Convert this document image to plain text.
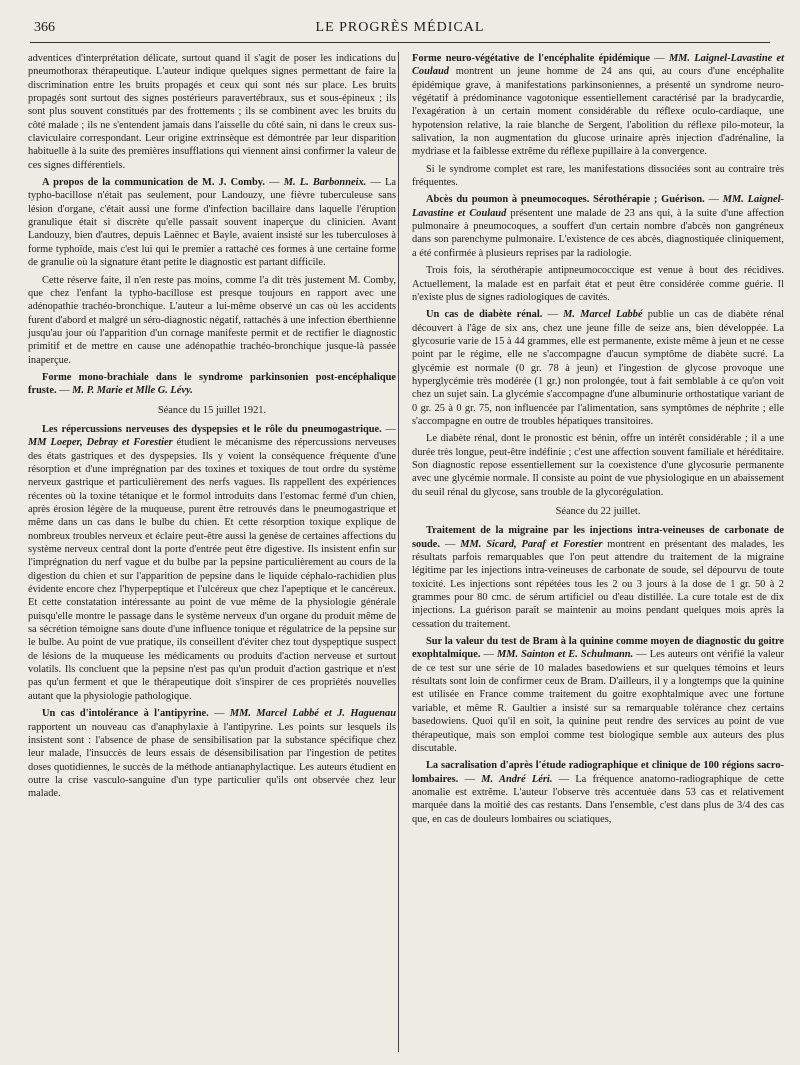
366	LE PROGRÈS MÉDICAL

adventices d'interprétation délicate, surtout quand il s'agit de poser les indications du pneumothorax thérapeutique. L'auteur indique quelques signes permettant de faire la discrimination entre les bruits propagés et ceux qui sont nés sur place. Les bruits propagés sont surtout des signes postérieurs paravertébraux, sus et sous-épineux ; ils sont plus souvent constitués par des frottements ; ils se combinent avec les bruits du côté malade ; ils ne s'entendent jamais dans l'aisselle du côté sain, ni dans le creux sus-claviculaire correspondant. Leur origine extrinsèque est démontrée par leur disparition habituelle à la suite des premières insufflations qui viennent ainsi confirmer la valeur de ces signes différentiels.

A propos de la communication de M. J. Comby. — M. L. Barbonneix. — La typho-bacillose n'était pas seulement, pour Landouzy, une fièvre tuberculeuse sans lésion d'organe, c'était aussi une forme d'infection bacillaire dans laquelle l'éruption granulique était si discrète qu'elle passait souvent inaperçue du clinicien. Avant Landouzy, bien d'autres, depuis Laënnec et Bayle, avaient insisté sur les tuberculoses à forme typhoïde, mais c'est lui qui le premier a rattaché ces formes à une certaine forme de granulie où la signature étant petite le diagnostic est partant difficile.

Cette réserve faite, il n'en reste pas moins, comme l'a dit très justement M. Comby, que chez l'enfant la typho-bacillose est presque toujours en rapport avec une adénopathie trachéo-bronchique. L'auteur a lui-même observé un cas où les accidents furent d'abord et malgré un séro-diagnostic négatif, rattachés à une infection éberthienne jusqu'au jour où l'apparition d'un cornage manifeste permit et de rectifier le diagnostic primitif et de mettre en cause une adénopathie trachéo-bronchique jusque-là passée inaperçue.

Forme mono-brachiale dans le syndrome parkinsonien post-encéphalique fruste. — M. P. Marie et Mlle G. Lévy.

Séance du 15 juillet 1921.

Les répercussions nerveuses des dyspepsies et le rôle du pneumogastrique. — MM Loeper, Debray et Forestier étudient le mécanisme des répercussions nerveuses des états gastriques et des dyspepsies. Ils y voient la conséquence fréquente d'une résorption et d'une imprégnation par des toxines et toxiques de tout ordre du système nerveux gastrique et particulièrement des nerfs vagues. Ils rappellent des expériences récentes où la toxine tétanique et le formol introduits dans l'estomac fermé d'un chien, après érosion légère de la muqueuse, purent être retrouvés dans le pneumogastrique et même dans un cas dans le bulbe du chien. Et cette résorption toxique explique de nombreux troubles nerveux et éclaire peut-être aussi la genèse de certaines affections du système nerveux central dont la porte d'entrée peut être digestive. Ils insistent enfin sur l'imprégnation du nerf vague et du bulbe par la pepsine particulièrement au cours de la digestion du chien et sur l'apparition de pepsine dans le liquide céphalo-rachidien plus évidente encore chez l'hyperpeptique et l'ulcéreux que chez l'apeptique et le cancéreux. Et cette constatation intéressante au point de vue même de la physiologie générale puisqu'elle montre le passage dans le système nerveux d'un organe du produit même de sa sécrétion témoigne sans doute d'une influence tonique et régulatrice de la pepsine sur le bulbe. Au point de vue pratique, ils conseillent d'éviter chez tout dyspeptique suspect de lésions de la muqueuse les médicaments ou produits d'action nerveuse et surtout volatils. Ils concluent que la pepsine n'est pas qu'un produit d'action gastrique et n'est pas qu'un ferment et que le thérapeutique doit s'inspirer de ces propriétés nouvelles autant que la physiologie pathologique.

Un cas d'intolérance à l'antipyrine. — MM. Marcel Labbé et J. Haguenau rapportent un nouveau cas d'anaphylaxie à l'antipyrine. Les points sur lesquels ils insistent sont : l'absence de phase de sensibilisation par la substance spécifique chez leur malade, l'insuccès de leurs essais de désensibilisation par l'ingestion de petites doses quotidiennes, le succès de la méthode antianaphylactique. Les auteurs étudient en outre la crise vasculo-sanguine d'un type particulier qu'ils ont observée chez leur malade.

Forme neuro-végétative de l'encéphalite épidémique — MM. Laignel-Lavastine et Coulaud montrent un jeune homme de 24 ans qui, au cours d'une encéphalite épidémique grave, à manifestations parkinsoniennes, a présenté un syndrome neuro-végétatif à prédominance vagotonique essentiellement caractérisé par la bradycardie, l'exagération à un certain moment considérable du réflexe oculo-cardiaque, une hypotension relative, la raie blanche de Sergent, l'abolition du réflexe pilo-moteur, la salivation, la non augmentation du glucose urinaire après injection d'adrénaline, la mydriase et la faiblesse extrême du réflexe pupillaire à la convergence.

Si le syndrome complet est rare, les manifestations dissociées sont au contraire très fréquentes.

Abcès du poumon à pneumocoques. Sérothérapie ; Guérison. — MM. Laignel-Lavastine et Coulaud présentent une malade de 23 ans qui, à la suite d'une affection pulmonaire à pneumocoques, a souffert d'un certain nombre d'abcès non gangréneux dans son parenchyme pulmonaire. L'existence de ces abcès, diagnostiquée cliniquement, a été confirmée à plusieurs reprises par la radiologie.

Trois fois, la sérothérapie antipneumococcique est venue à bout des récidives. Actuellement, la malade est en parfait état et peut être considérée comme guérie. Il n'existe plus de signes radiologiques de cavités.

Un cas de diabète rénal. — M. Marcel Labbé publie un cas de diabète rénal découvert à l'âge de six ans, chez une jeune fille de seize ans, bien développée. La glycosurie varie de 15 à 44 grammes, elle est permanente, existe même à jeun et ne cesse point par le régime, elle ne s'accompagne d'aucun symptôme de diabète sucré. La glycémie est normale (0 gr. 78 à jeun) et l'ingestion de glycose provoque une hyperglycémie très modérée (1 gr.) non prolongée, tout à fait semblable à ce qu'on voit chez un sujet sain. La glycémie s'accompagne d'une albuminurie orthostatique variant de 0 gr. 25 à 0 gr. 75, non influencée par l'alimentation, sans symptômes de néphrite ; elle s'accompagne en outre de troubles hépatiques transitoires.

Le diabète rénal, dont le pronostic est bénin, offre un intérêt considérable ; il a une durée très longue, peut-être indéfinie ; c'est une affection souvent familiale et héréditaire. Son diagnostic repose essentiellement sur la coexistence d'une glycosurie permanente avec une glycémie normale. Il consiste au point de vue physiologique en un abaissement du seuil rénal du glycose, sans trouble de la glycorégulation.

Séance du 22 juillet.

Traitement de la migraine par les injections intra-veineuses de carbonate de soude. — MM. Sicard, Paraf et Forestier montrent en présentant des malades, les résultats parfois remarquables que l'on peut attendre du traitement de la migraine légitime par les injections intra-veineuses de carbonate de soude, sel dépourvu de toute toxicité. Les injections sont répétées tous les 2 ou 3 jours à la dose de 1 gr. 50 à 2 grammes pour 80 cmc. de sérum artificiel ou d'eau distillée. La cure totale est de dix injections. La guérison paraît se maintenir au moins pendant quelques mois après la cessation du traitement.

Sur la valeur du test de Bram à la quinine comme moyen de diagnostic du goitre exophtalmique. — MM. Sainton et E. Schulmann. — Les auteurs ont vérifié la valeur de ce test sur une série de 10 malades basedowiens et sur quelques témoins et leurs résultats sont loin de confirmer ceux de Bram. D'ailleurs, il y a longtemps que la quinine est utilisée en France comme traitement du goitre exophtalmique avec une fortune variable, et même R. Gaultier a insisté sur sa remarquable tolérance chez certains basedowiens. Quoi qu'il en soit, la quinine peut rendre des services au point de vue thérapeutique, mais son emploi comme test biologique semble aux auteurs des plus discutable.

La sacralisation d'après l'étude radiographique et clinique de 100 régions sacro-lombaires. — M. André Léri. — La fréquence anatomo-radiographique de cette anomalie est extrême. L'auteur l'observe très accentuée dans 53 cas et relativement marquée dans la moitié des cas restants. Dans l'ensemble, c'est dans plus de 3/4 des cas que, en cas de douleurs lombaires ou sciatiques,
